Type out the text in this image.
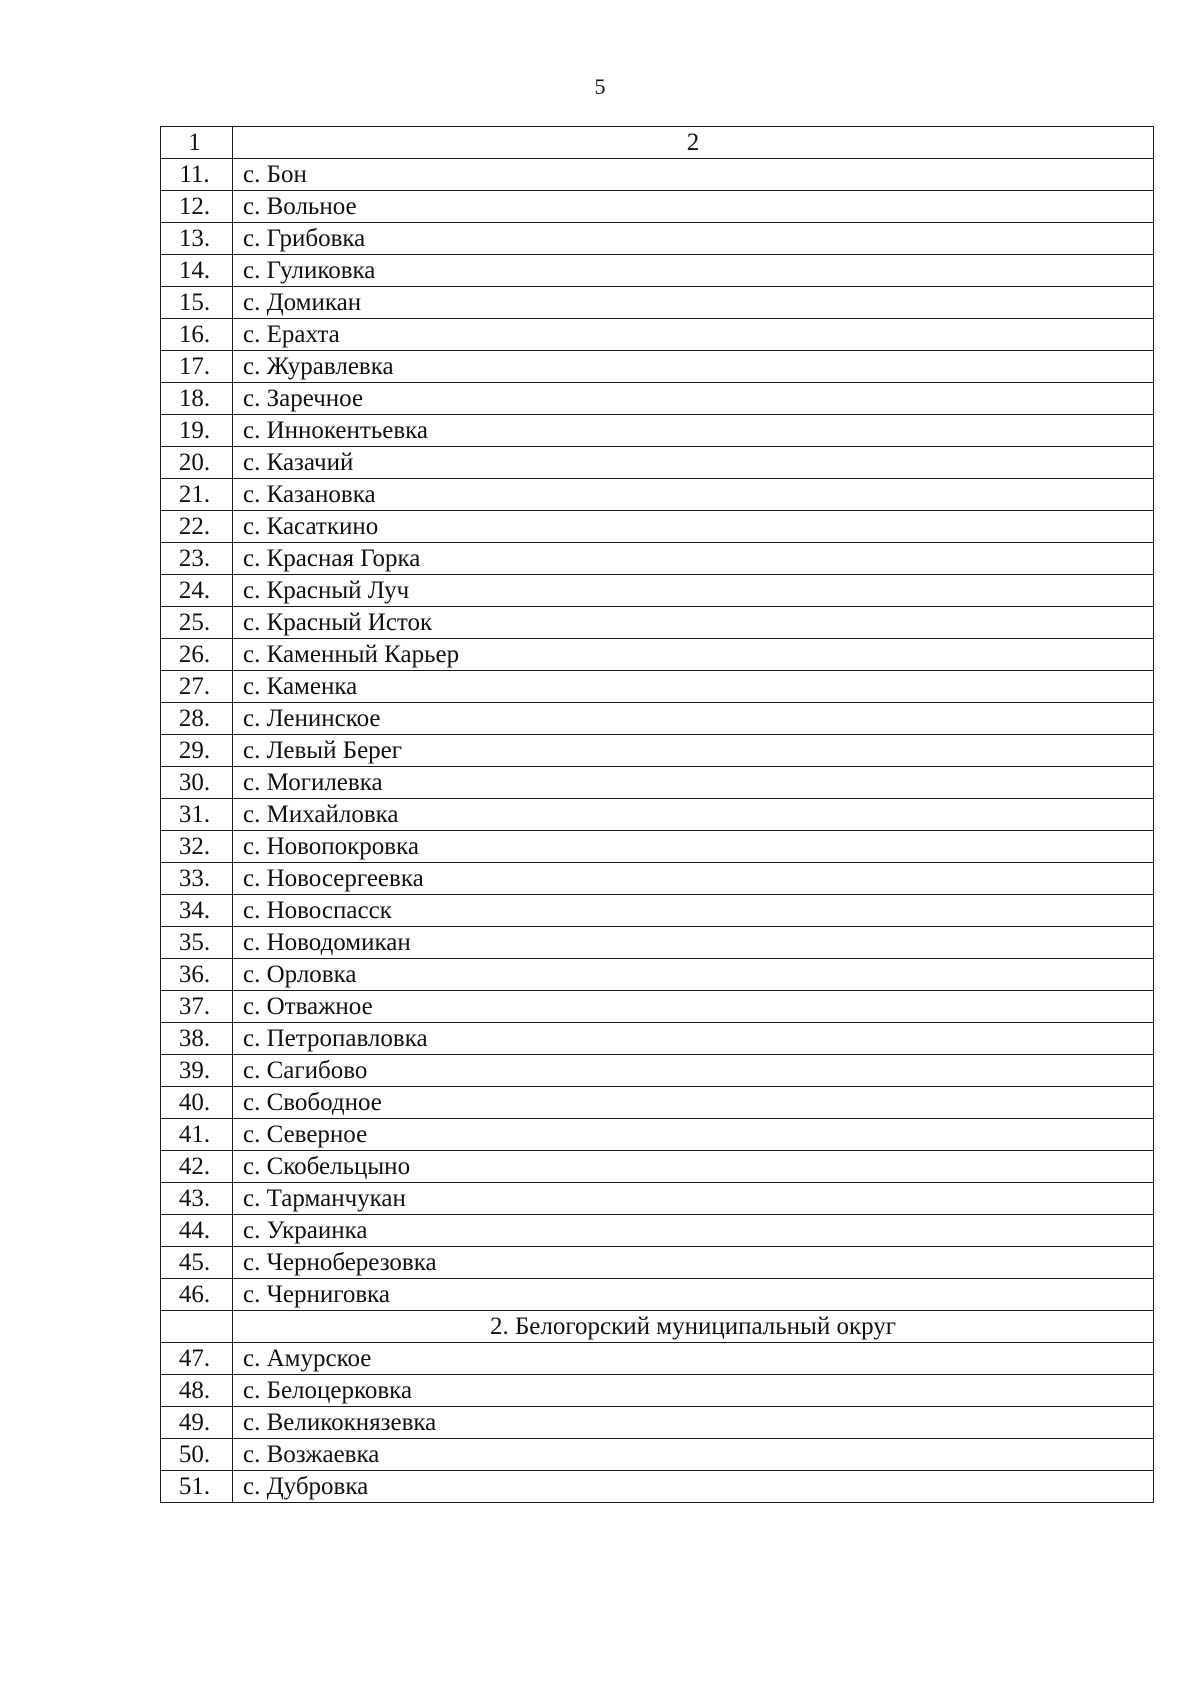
5
1	2
11.	с. Бон
12.	с. Вольное
13.	с. Грибовка
14.	с. Гуликовка
15.	с. Домикан
16.	с. Ерахта
17.	с. Журавлевка
18.	с. Заречное
19.	с. Иннокентьевка
20.	с. Казачий
21.	с. Казановка
22.	с. Касаткино
23.	с. Красная Горка
24.	с. Красный Луч
25.	с. Красный Исток
26.	с. Каменный Карьер
27.	с. Каменка
28.	с. Ленинское
29.	с. Левый Берег
30.	с. Могилевка
31.	с. Михайловка
32.	с. Новопокровка
33.	с. Новосергеевка
34.	с. Новоспасск
35.	с. Новодомикан
36.	с. Орловка
37.	с. Отважное
38.	с. Петропавловка
39.	с. Сагибово
40.	с. Свободное
41.	с. Северное
42.	с. Скобельцыно
43.	с. Тарманчукан
44.	с. Украинка
45.	с. Черноберезовка
46.	с. Черниговка
	2. Белогорский муниципальный округ
47.	с. Амурское
48.	с. Белоцерковка
49.	с. Великокнязевка
50.	с. Возжаевка
51.	с. Дубровка
